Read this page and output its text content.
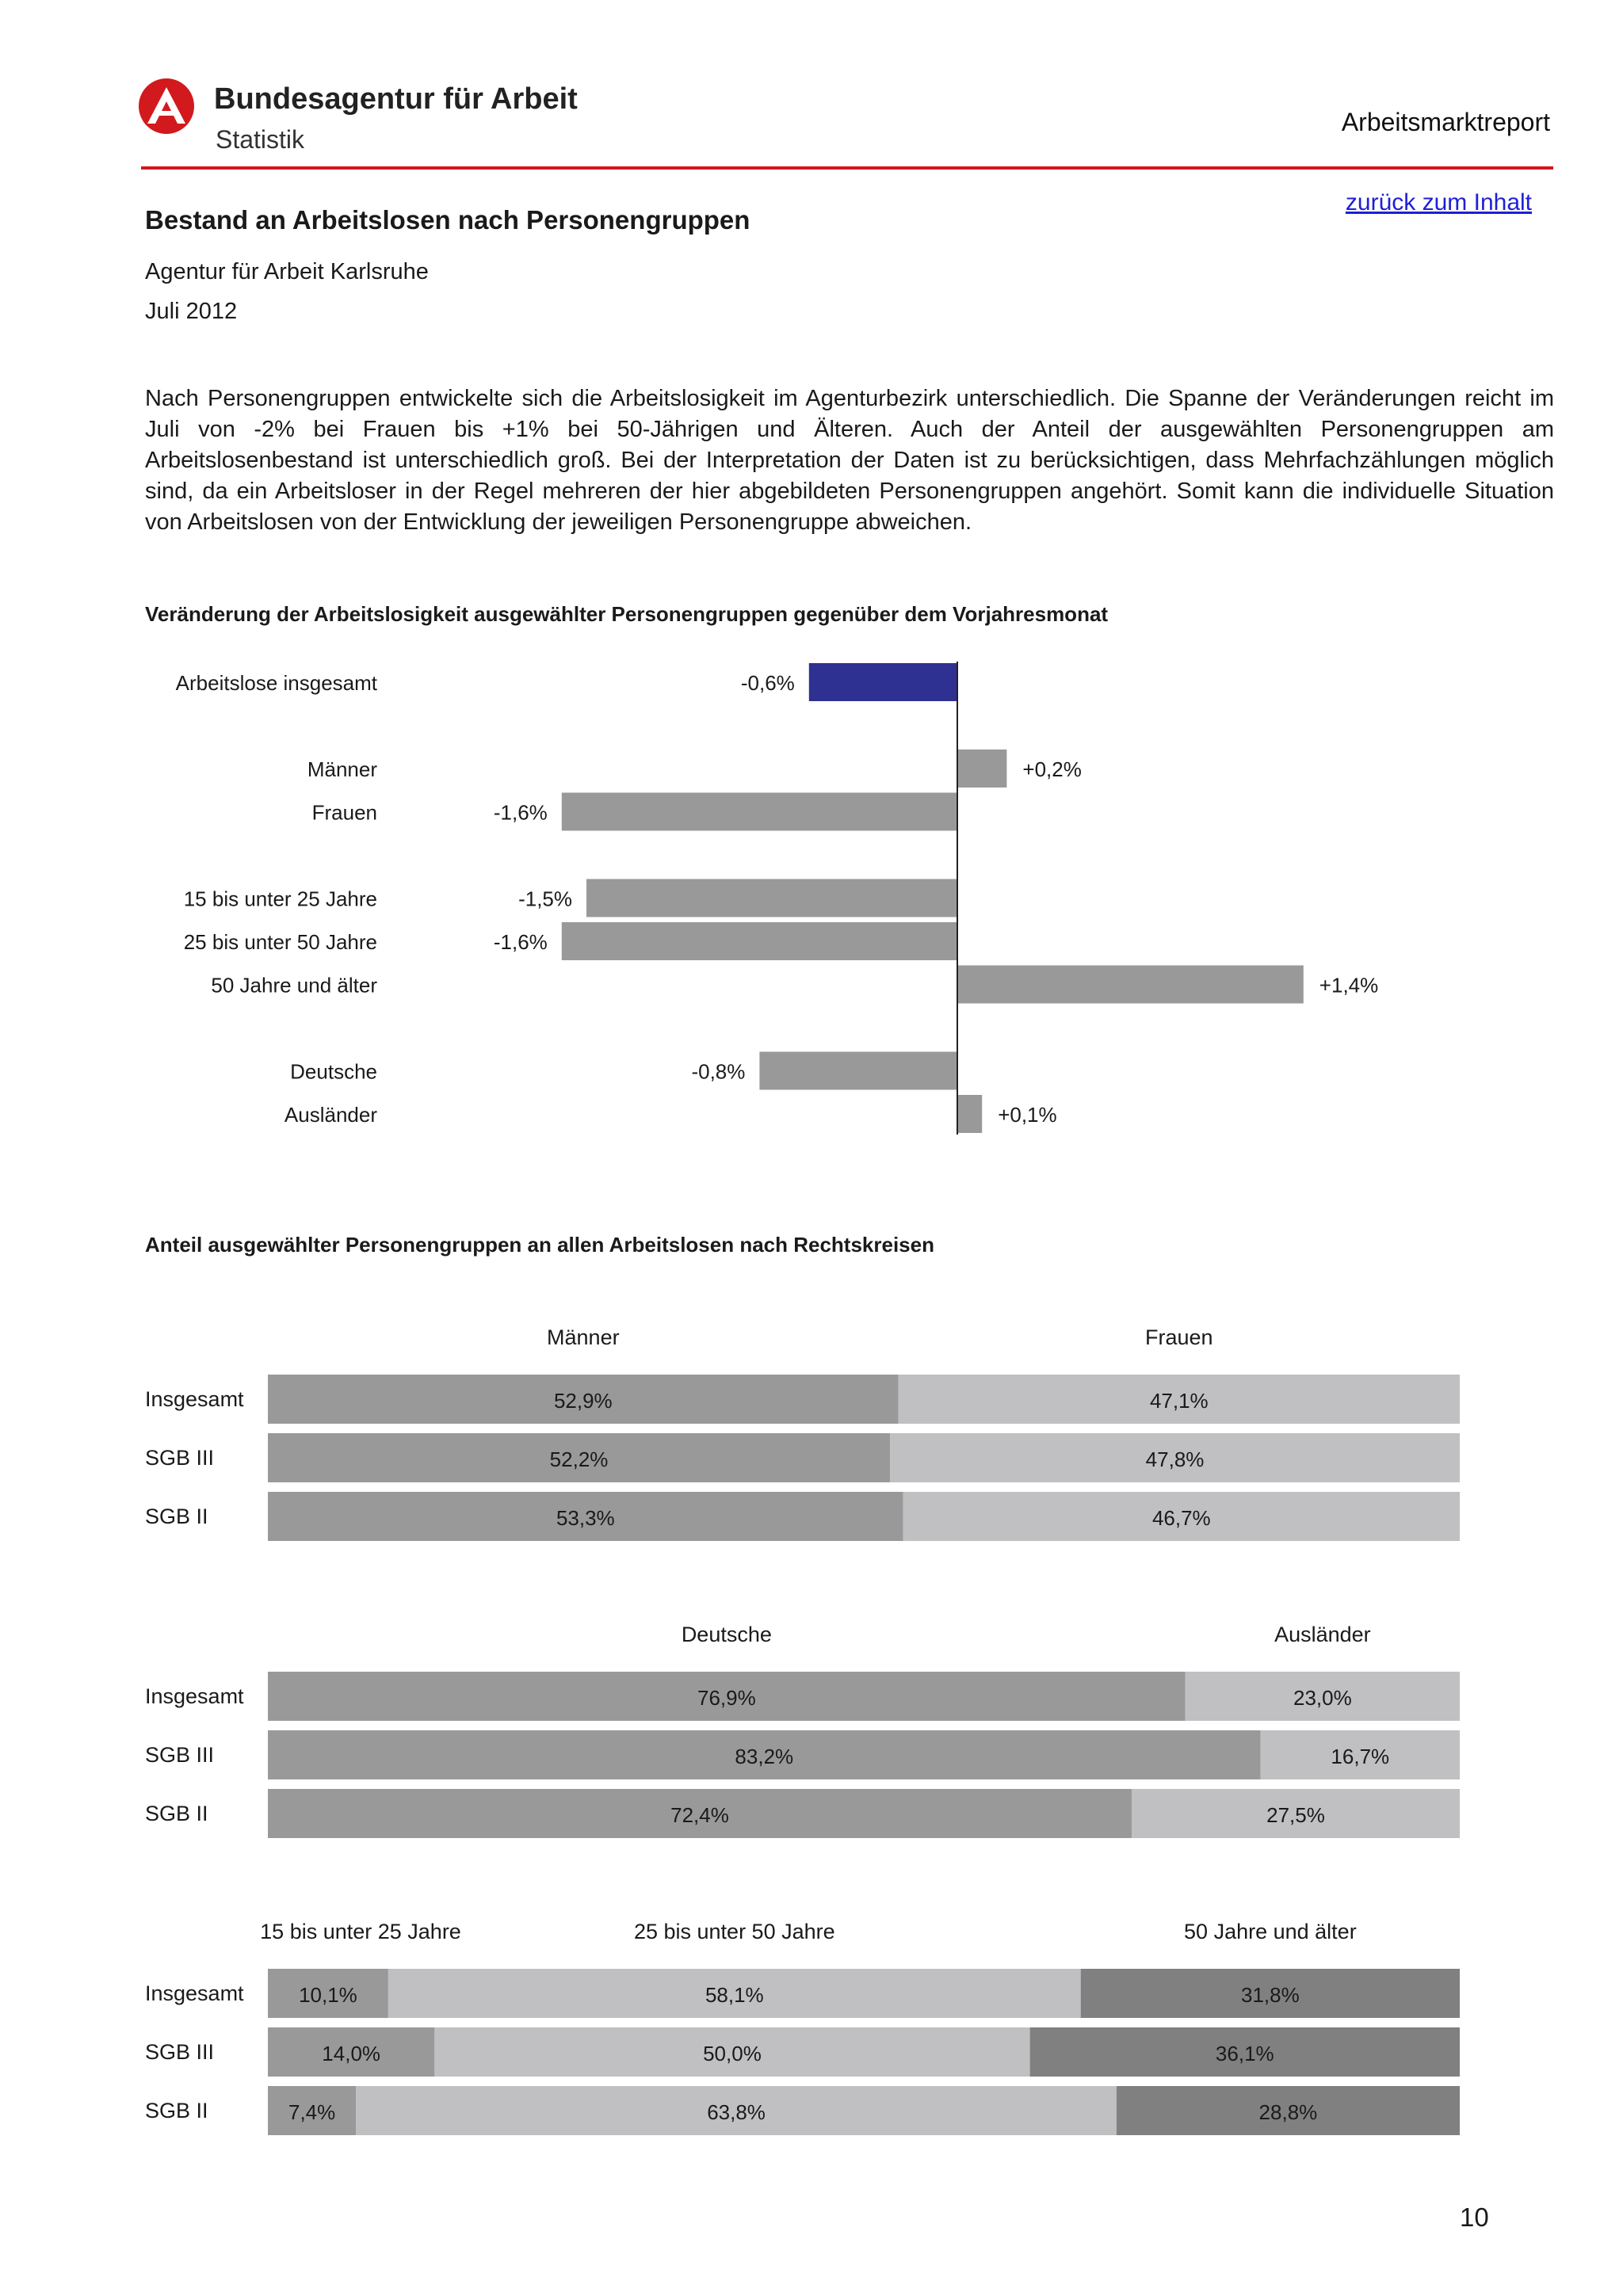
Bundesagentur für Arbeit
Statistik
Arbeitsmarktreport
zurück zum Inhalt
Bestand an Arbeitslosen nach Personengruppen
Agentur für Arbeit Karlsruhe
Juli 2012

Nach Personengruppen entwickelte sich die Arbeitslosigkeit im Agenturbezirk unterschiedlich. Die Spanne der Veränderungen reicht im Juli von -2% bei Frauen bis +1% bei 50-Jährigen und Älteren. Auch der Anteil der ausgewählten Personengruppen am Arbeitslosenbestand ist unterschiedlich groß. Bei der Interpretation der Daten ist zu berücksichtigen, dass Mehrfachzählungen möglich sind, da ein Arbeitsloser in der Regel mehreren der hier abgebildeten Personengruppen angehört. Somit kann die individuelle Situation von Arbeitslosen von der Entwicklung der jeweiligen Personengruppe abweichen.

Veränderung der Arbeitslosigkeit ausgewählter Personengruppen gegenüber dem Vorjahresmonat
Arbeitslose insgesamt	-0,6%
Männer	+0,2%
Frauen	-1,6%
15 bis unter 25 Jahre	-1,5%
25 bis unter 50 Jahre	-1,6%
50 Jahre und älter	+1,4%
Deutsche	-0,8%
Ausländer	+0,1%
Anteil ausgewählter Personengruppen an allen Arbeitslosen nach Rechtskreisen
Männer	Frauen
Insgesamt	52,9%	47,1%
SGB III	52,2%	47,8%
SGB II	53,3%	46,7%
Deutsche	Ausländer
Insgesamt	76,9%	23,0%
SGB III	83,2%	16,7%
SGB II	72,4%	27,5%
15 bis unter 25 Jahre	25 bis unter 50 Jahre	50 Jahre und älter
Insgesamt	10,1%	58,1%	31,8%
SGB III	14,0%	50,0%	36,1%
SGB II	7,4%	63,8%	28,8%
10
